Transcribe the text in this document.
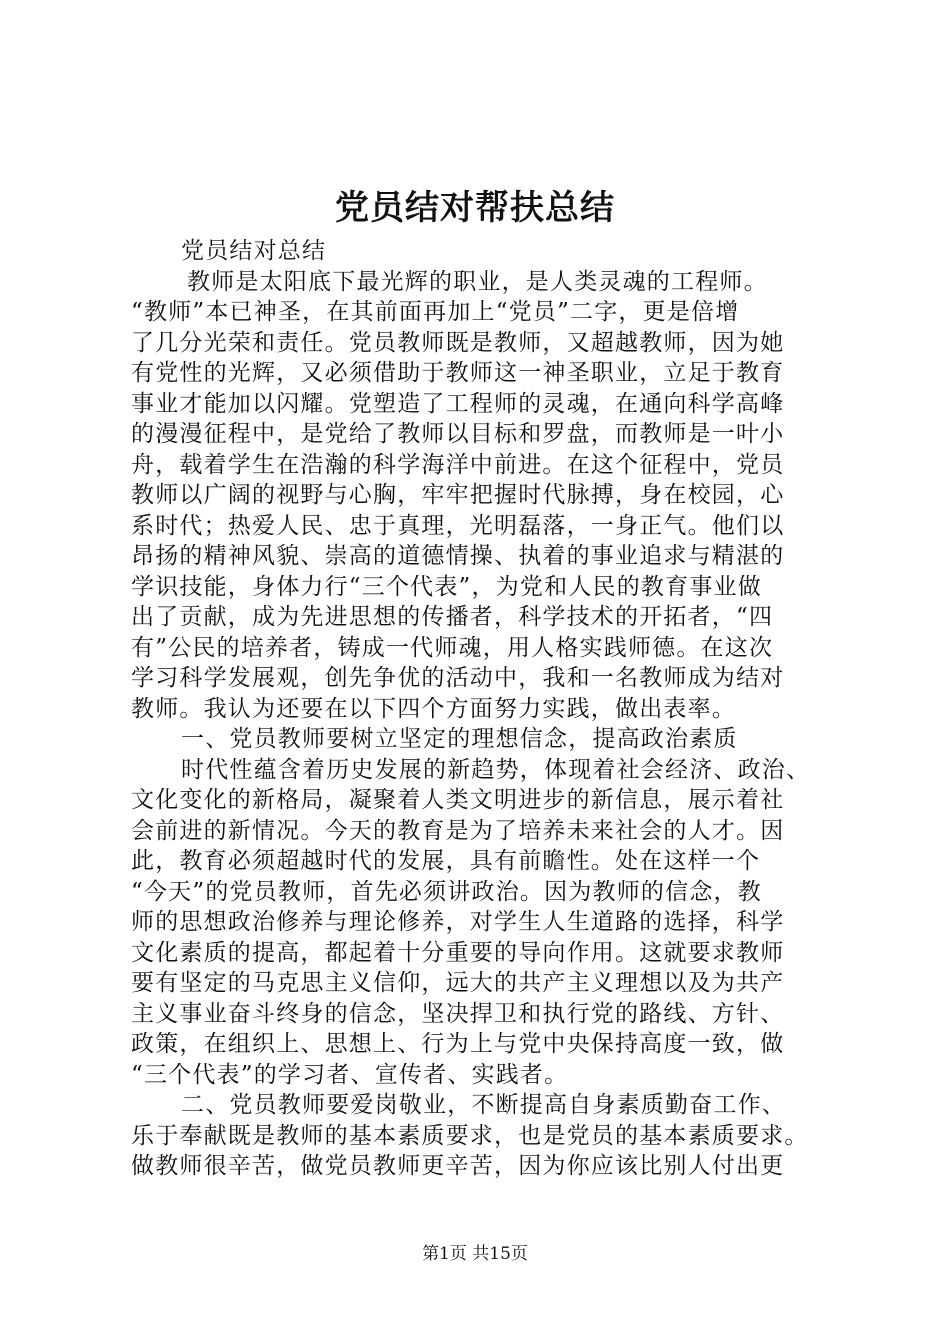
党员结对帮扶总结
党员结对总结
教师是太阳底下最光辉的职业，是人类灵魂的工程师。
“教师”本已神圣，在其前面再加上“党员”二字，更是倍增
了几分光荣和责任。党员教师既是教师，又超越教师，因为她
有党性的光辉，又必须借助于教师这一神圣职业，立足于教育
事业才能加以闪耀。党塑造了工程师的灵魂，在通向科学高峰
的漫漫征程中，是党给了教师以目标和罗盘，而教师是一叶小
舟，载着学生在浩瀚的科学海洋中前进。在这个征程中，党员
教师以广阔的视野与心胸，牢牢把握时代脉搏，身在校园，心
系时代；热爱人民、忠于真理，光明磊落，一身正气。他们以
昂扬的精神风貌、崇高的道德情操、执着的事业追求与精湛的
学识技能，身体力行“三个代表”，为党和人民的教育事业做
出了贡献，成为先进思想的传播者，科学技术的开拓者，“四
有”公民的培养者，铸成一代师魂，用人格实践师德。在这次
学习科学发展观，创先争优的活动中，我和一名教师成为结对
教师。我认为还要在以下四个方面努力实践，做出表率。
一、党员教师要树立坚定的理想信念，提高政治素质
时代性蕴含着历史发展的新趋势，体现着社会经济、政治、
文化变化的新格局，凝聚着人类文明进步的新信息，展示着社
会前进的新情况。今天的教育是为了培养未来社会的人才。因
此，教育必须超越时代的发展，具有前瞻性。处在这样一个
“今天”的党员教师，首先必须讲政治。因为教师的信念，教
师的思想政治修养与理论修养，对学生人生道路的选择，科学
文化素质的提高，都起着十分重要的导向作用。这就要求教师
要有坚定的马克思主义信仰，远大的共产主义理想以及为共产
主义事业奋斗终身的信念，坚决捍卫和执行党的路线、方针、
政策，在组织上、思想上、行为上与党中央保持高度一致，做
“三个代表”的学习者、宣传者、实践者。
二、党员教师要爱岗敬业，不断提高自身素质勤奋工作、
乐于奉献既是教师的基本素质要求，也是党员的基本素质要求。
做教师很辛苦，做党员教师更辛苦，因为你应该比别人付出更
第1页 共15页
